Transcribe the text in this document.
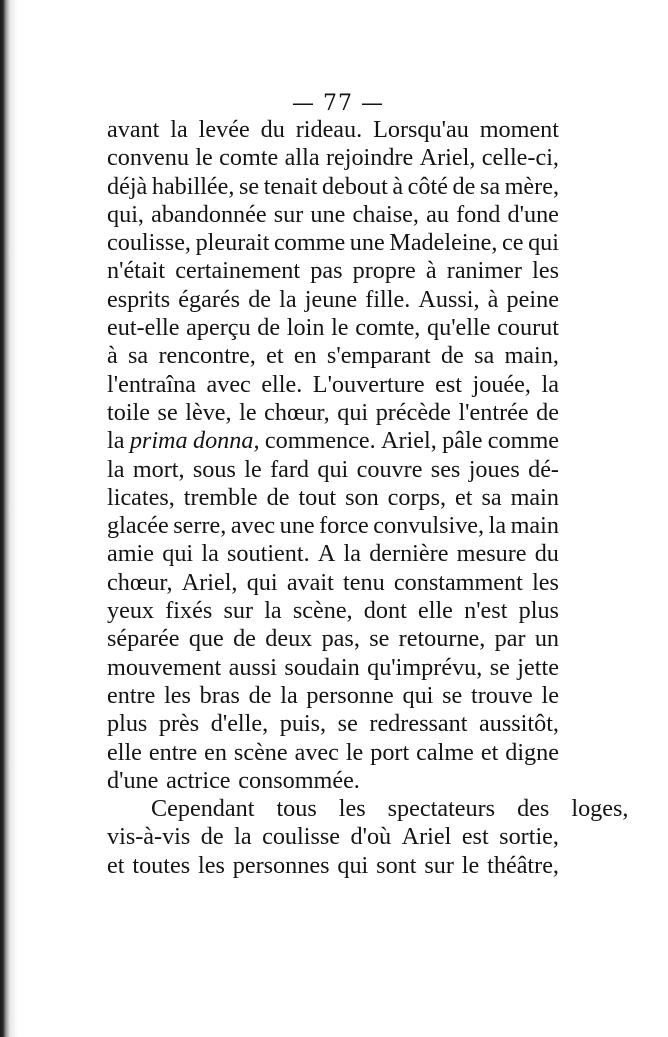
— 77 —
avant la levée du rideau. Lorsqu'au moment
convenu le comte alla rejoindre Ariel, celle-ci,
déjà habillée, se tenait debout à côté de sa mère,
qui, abandonnée sur une chaise, au fond d'une
coulisse, pleurait comme une Madeleine, ce qui
n'était certainement pas propre à ranimer les
esprits égarés de la jeune fille. Aussi, à peine
eut-elle aperçu de loin le comte, qu'elle courut
à sa rencontre, et en s'emparant de sa main,
l'entraîna avec elle. L'ouverture est jouée, la
toile se lève, le chœur, qui précède l'entrée de
la prima donna, commence. Ariel, pâle comme
la mort, sous le fard qui couvre ses joues dé-
licates, tremble de tout son corps, et sa main
glacée serre, avec une force convulsive, la main
amie qui la soutient. A la dernière mesure du
chœur, Ariel, qui avait tenu constamment les
yeux fixés sur la scène, dont elle n'est plus
séparée que de deux pas, se retourne, par un
mouvement aussi soudain qu'imprévu, se jette
entre les bras de la personne qui se trouve le
plus près d'elle, puis, se redressant aussitôt,
elle entre en scène avec le port calme et digne
d'une actrice consommée.
Cependant tous les spectateurs des loges,
vis-à-vis de la coulisse d'où Ariel est sortie,
et toutes les personnes qui sont sur le théâtre,
